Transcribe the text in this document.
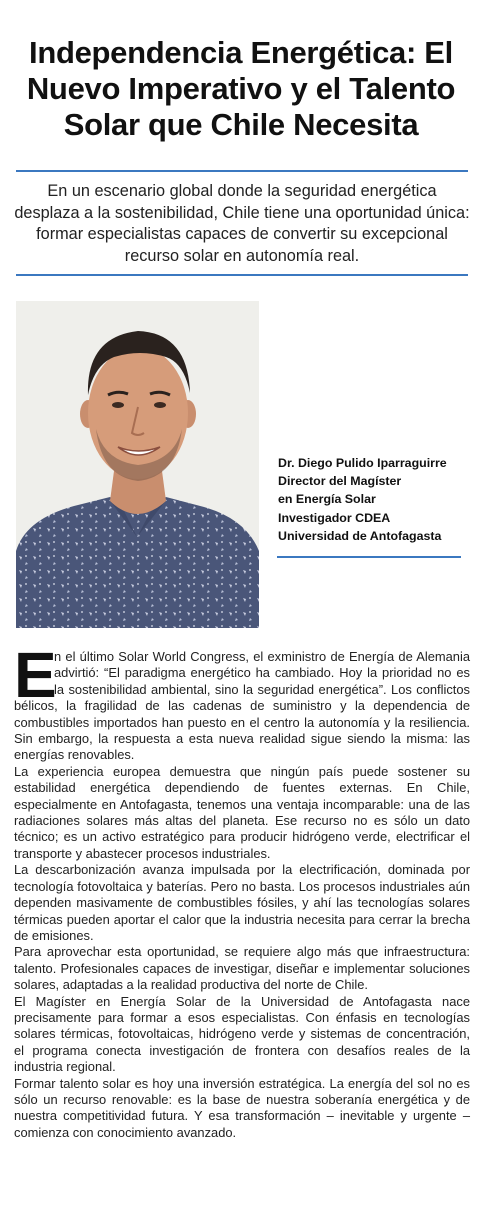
Independencia Energética: El Nuevo Imperativo y el Talento Solar que Chile Necesita

En un escenario global donde la seguridad energética desplaza a la sostenibilidad, Chile tiene una oportunidad única: formar especialistas capaces de convertir su excepcional recurso solar en autonomía real.

Dr. Diego Pulido Iparraguirre
Director del Magíster
en Energía Solar
Investigador CDEA
Universidad de Antofagasta
E

n el último Solar World Congress, el exministro de Energía de Alemania advirtió: “El paradigma energético ha cambiado. Hoy la prioridad no es la sostenibilidad ambiental, sino la seguridad energética”. Los conflictos bélicos, la fragilidad de las cadenas de suministro y la dependencia de combustibles importados han puesto en el centro la autonomía y la resiliencia. Sin embargo, la respuesta a esta nueva realidad sigue siendo la misma: las energías renovables.

La experiencia europea demuestra que ningún país puede sostener su estabilidad energética dependiendo de fuentes externas. En Chile, especialmente en Antofagasta, tenemos una ventaja incomparable: una de las radiaciones solares más altas del planeta. Ese recurso no es sólo un dato técnico; es un activo estratégico para producir hidrógeno verde, electrificar el transporte y abastecer procesos industriales.

La descarbonización avanza impulsada por la electrificación, dominada por tecnología fotovoltaica y baterías. Pero no basta. Los procesos industriales aún dependen masivamente de combustibles fósiles, y ahí las tecnologías solares térmicas pueden aportar el calor que la industria necesita para cerrar la brecha de emisiones.

Para aprovechar esta oportunidad, se requiere algo más que infraestructura: talento. Profesionales capaces de investigar, diseñar e implementar soluciones solares, adaptadas a la realidad productiva del norte de Chile.

El Magíster en Energía Solar de la Universidad de Antofagasta nace precisamente para formar a esos especialistas. Con énfasis en tecnologías solares térmicas, fotovoltaicas, hidrógeno verde y sistemas de concentración, el programa conecta investigación de frontera con desafíos reales de la industria regional.

Formar talento solar es hoy una inversión estratégica. La energía del sol no es sólo un recurso renovable: es la base de nuestra soberanía energética y de nuestra competitividad futura. Y esa transformación – inevitable y urgente – comienza con conocimiento avanzado.
